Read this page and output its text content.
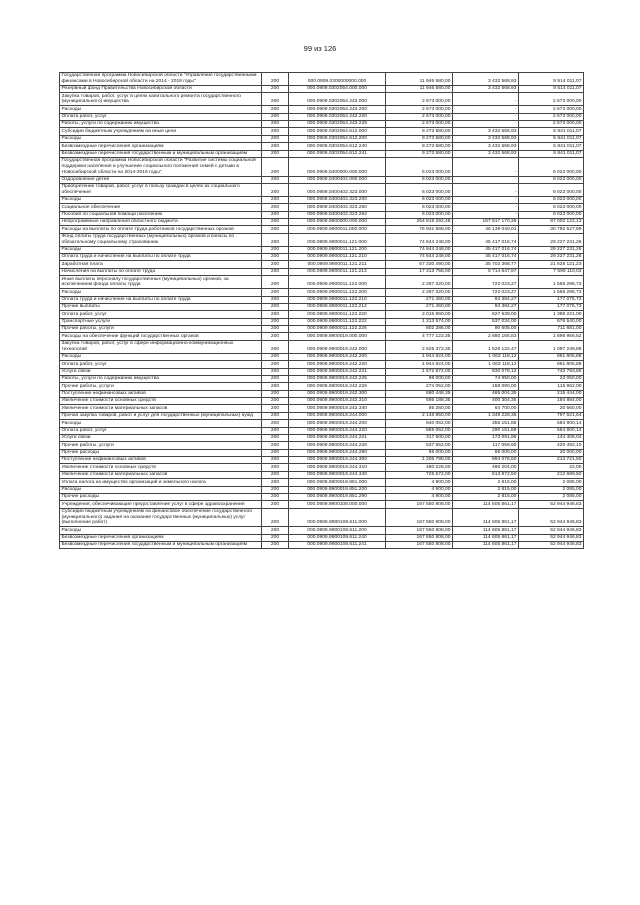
99 из 126
Государственная программа Новосибирской области "Управление государственными финансами в Новосибирской области на 2014 - 2019 годы"	200	000.0909.0300000000.000	11 946 580,00	3 432 568,93	8 514 011,07
Резервный фонд Правительства Новосибирской области	200	000.0909.0302054.000.000	11 946 580,00	3 432 568,93	8 514 011,07
Закупка товаров, работ, услуг в целях капитального ремонта государственного (муниципального) имущества	200	000.0909.0302054.243.000	2 673 000,00	-	2 673 000,00
Расходы	200	000.0909.0302054.243.200	2 673 000,00	-	2 673 000,00
Оплата работ, услуг	200	000.0909.0302054.243.220	2 673 000,00	-	2 673 000,00
Работы, услуги по содержанию имущества	200	000.0909.0302054.243.225	2 673 000,00	-	2 673 000,00
Субсидии бюджетным учреждениям на иные цели	200	000.0909.0302054.612.000	9 273 580,00	3 432 568,93	5 841 011,07
Расходы	200	000.0909.0302054.612.200	9 273 580,00	3 432 568,93	5 841 011,07
Безвозмездные перечисления организациям	200	000.0909.0302054.612.240	9 273 580,00	3 432 568,93	5 841 011,07
Безвозмездные перечисления государственным и муниципальным организациям	200	000.0909.0302054.612.241	9 273 580,00	3 432 568,93	5 841 011,07
Государственная программа Новосибирской области "Развитие системы социальной поддержки населения и улучшение социального положения семей с детьми в Новосибирской области на 2014-2019 годы"	200	000.0909.0400000.000.000	6 023 000,00	-	6 023 000,00
Оздоровление детей	200	000.0909.0400402.000.000	6 023 000,00	-	6 023 000,00
Приобретение товаров, работ, услуг в пользу граждан в целях их социального обеспечения	200	000.0909.0400402.323.000	6 023 000,00	-	6 023 000,00
Расходы	200	000.0909.0400402.323.200	6 023 000,00	-	6 023 000,00
Социальное обеспечение	200	000.0909.0400402.323.260	6 023 000,00	-	6 023 000,00
Пособия по социальной помощи населению	200	000.0909.0400402.323.262	6 023 000,00	-	6 023 000,00
Непрограммные направления областного бюджета	200	000.0909.9900000.000.000	254 819 292,48	167 817 170,36	87 002 122,13
Расходы на выплаты по оплате труда работников государственных органов	200	000.0909.9900011.000.000	76 931 568,00	46 139 040,01	30 792 527,99
Фонд оплаты труда государственных (муниципальных) органов и взносы по обязательному социальному страхованию	200	000.0909.9900011.121.000	74 644 248,00	45 417 016,74	29 227 231,26
Расходы	200	000.0909.9900011.121.200	74 644 248,00	45 417 016,74	29 227 231,26
Оплата труда и начисления на выплаты по оплате труда	200	000.0909.9900011.121.210	74 644 248,00	45 417 016,74	29 227 231,26
Заработная плата	200	000.0909.9900011.121.211	57 330 490,00	35 702 368,77	21 628 121,23
Начисления на выплаты по оплате труда	200	000.0909.9900011.121.213	17 313 758,00	9 714 647,97	7 599 110,03
Иные выплаты персоналу государственных (муниципальных) органов, за исключением фонда оплаты труда	200	000.0909.9900011.122.000	2 287 320,00	722 023,27	1 565 296,73
Расходы	200	000.0909.9900011.122.200	2 287 320,00	722 023,27	1 565 296,73
Оплата труда и начисления на выплаты по оплате труда	200	000.0909.9900011.122.210	271 460,00	94 384,27	177 075,73
Прочие выплаты	200	000.0909.9900011.122.212	271 460,00	94 384,27	177 075,73
Оплата работ, услуг	200	000.0909.9900011.122.220	2 015 860,00	627 639,00	1 388 221,00
Транспортные услуги	200	000.0909.9900011.122.222	1 213 574,00	537 034,00	676 540,00
Прочие работы, услуги	200	000.0909.9900011.122.226	802 286,00	90 605,00	711 681,00
Расходы на обеспечение функций государственных органов	200	000.0909.9900019.000.000	4 777 122,35	2 880 165,83	1 896 956,52
Закупка товаров, работ, услуг в сфере информационно-коммуникационных технологий	200	000.0909.9900019.242.000	2 625 372,35	1 528 122,47	1 097 249,88
Расходы	200	000.0909.9900019.242.200	1 944 924,00	1 063 118,12	881 805,88
Оплата работ, услуг	200	000.0909.9900019.242.220	1 944 924,00	1 063 118,12	881 805,88
Услуги связи	200	000.0909.9900019.242.221	1 572 872,00	830 078,12	742 793,88
Работы, услуги по содержанию имущества	200	000.0909.9900019.242.225	98 000,00	74 950,00	23 050,00
Прочие работы, услуги	200	000.0909.9900019.242.226	274 052,00	158 090,00	115 962,00
Поступление нефинансовых активов	200	000.0909.9900019.242.300	680 448,35	465 004,35	215 444,00
Увеличение стоимости основных средств	200	000.0909.9900019.242.310	595 188,35	400 304,35	194 884,00
Увеличение стоимости материальных запасов	200	000.0909.9900019.242.340	85 260,00	64 700,00	20 560,00
Прочая закупка товаров, работ и услуг для государственных (муниципальных) нужд	200	000.0909.9900019.244.000	2 146 850,00	1 349 228,36	797 621,64
Расходы	200	000.0909.9900019.244.200	940 052,00	355 151,86	584 900,14
Оплата работ, услуг	200	000.0909.9900019.244.220	855 052,00	290 151,86	564 900,14
Услуги связи	200	000.0909.9900019.244.221	317 500,00	173 091,96	144 408,04
Прочие работы, услуги	200	000.0909.9900019.244.226	537 552,00	117 059,90	420 492,10
Прочие расходы	200	000.0909.9900019.244.290	85 000,00	65 000,00	20 000,00
Поступление нефинансовых активов	200	000.0909.9900019.244.300	1 206 798,00	994 076,50	212 721,50
Увеличение стоимости основных средств	200	000.0909.9900019.244.310	480 226,00	480 204,00	22,00
Увеличение стоимости материальных запасов	200	000.0909.9900019.244.340	726 572,00	513 872,50	212 699,50
Уплата налога на имущество организаций и земельного налога	200	000.0909.9900019.851.000	4 900,00	2 815,00	2 085,00
Расходы	200	000.0909.9900019.851.200	4 900,00	2 815,00	2 085,00
Прочие расходы	200	000.0909.9900019.851.290	4 900,00	2 815,00	2 085,00
Учреждения, обеспечивающие предоставление услуг в сфере здравоохранения	200	000.0909.9900108.000.000	167 550 808,00	114 605 861,17	52 944 946,83
Субсидии бюджетным учреждениям на финансовое обеспечение государственного (муниципального) задания на оказание государственных (муниципальных) услуг (выполнение работ)	200	000.0909.9900108.611.000	167 550 808,00	114 605 861,17	52 944 946,83
Расходы	200	000.0909.9900108.611.200	167 550 808,00	114 605 861,17	52 944 946,83
Безвозмездные перечисления организациям	200	000.0909.9900108.611.240	167 550 808,00	114 605 861,17	52 944 946,83
Безвозмездные перечисления государственным и муниципальным организациям	200	000.0909.9900108.611.241	167 550 808,00	114 605 861,17	52 944 946,83
